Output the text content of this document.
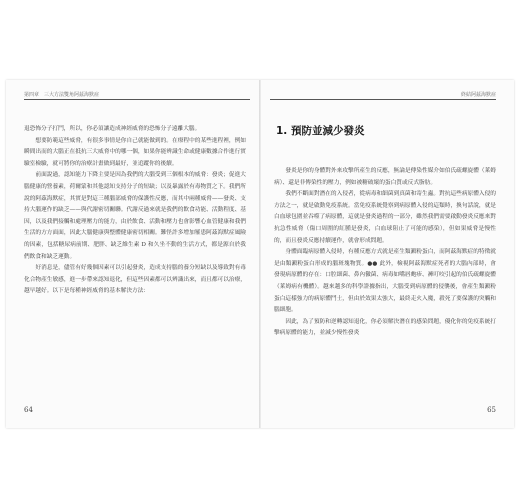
第四章　三大方法雙角阿茲海默症

退恐怖分子打鬥，所以，你必須讓造成神經威脅的恐怖分子遠離大腦。

想要防範這些威脅，有很多事情是你自己就能做到的。在療程中的某些進程裡，例如瞬間出而的大腦正在抵抗三大威脅中的哪一個，如果你能辨識生命或健康數據合作進行實驗室檢驗，就可將你的治療計畫做到最好，並追蹤你的後續。

前面說過，認知能力下降主要是因為我們的大腦受到三個根本的威脅：發炎；促進大腦健康的營養素，荷爾蒙和其他認知支持分子的短缺；以及暴露於有毒物質之下。我們所說的阿茲海默症，其實是對這三種腦部威脅的保護性反應，而其中兩種威脅——發炎、支持大腦運作的缺乏——與代謝密切關聯。代謝反過來就是我們的飲食功能、活動程度、基因，以及我們接觸和處理壓力的能力，由於飲食、活動和壓力也會影響心血管健康和我們生活的方方面面，因此大腦健康與整體健康密切相關。難怪許多增加罹患阿茲海默症風險的因素，包括糖尿病前期、肥胖、缺乏維生素 D 和久坐不動的生活方式，都是源自於我們飲食和缺乏運動。

好消息是，儘管有好幾個因素可以引起發炎，造成支持腦的養分短缺以及導致對有毒化合物產生敏感，進一步帶來認知退化，但這些因素都可以辨識出來，而且都可以治療，越早越好。以下是每種神經威脅的基本解決方法：

64
終結阿茲海默症
1. 預防並減少發炎

發炎是你的身體對外來攻擊所產生的反應，無論是傳染性媒介如伯氏疏螺旋體（萊姆病）、還是非傳染性的壓力，例如被糖破壞的蛋白質或反式脂肪。

我們不斷面對潛在的入侵者，從病毒和細菌到真菌和寄生蟲。對抗這些病原體入侵的方法之一，就是啟動免疫系統。當免疫系統覺察到病原體入侵的這類時，換句話說，就是白血球包圍並吞噬了病原體，這就是發炎過程的一部分，雖然我們需要啟動發炎反應來對抗急性威脅（傷口周圍的紅腫是發炎，白血球阻止了可能的感染），但如果威脅是慢性的，而且發炎反應持續運作，就會形成問題。

身體面臨病原體入侵時，有種反應方式就是產生類澱粉蛋白，而阿茲海默症的特徵就是由類澱粉蛋白形成的腦斑塊物質。●● 此外，檢視阿茲海默症死者的大腦內部時，會發現病原體的存在：口腔細菌、鼻內黴菌、病毒如嘴唇皰疹、褲叮咬引起的伯氏疏螺旋體（萊姆病有機體）。越來越多的科學證據指出，大腦受到病原體的侵襲後，會產生類澱粉蛋白這樣強力的病原體鬥士，但由於效果太強大，最終走火入魔，殺死了要保護的突觸和腦細胞。

因此，為了預防和逆轉認知退化，你必須解決潛在的感染問題，優化你的免疫系統打擊病原體的能力，並減少慢性發炎

65
